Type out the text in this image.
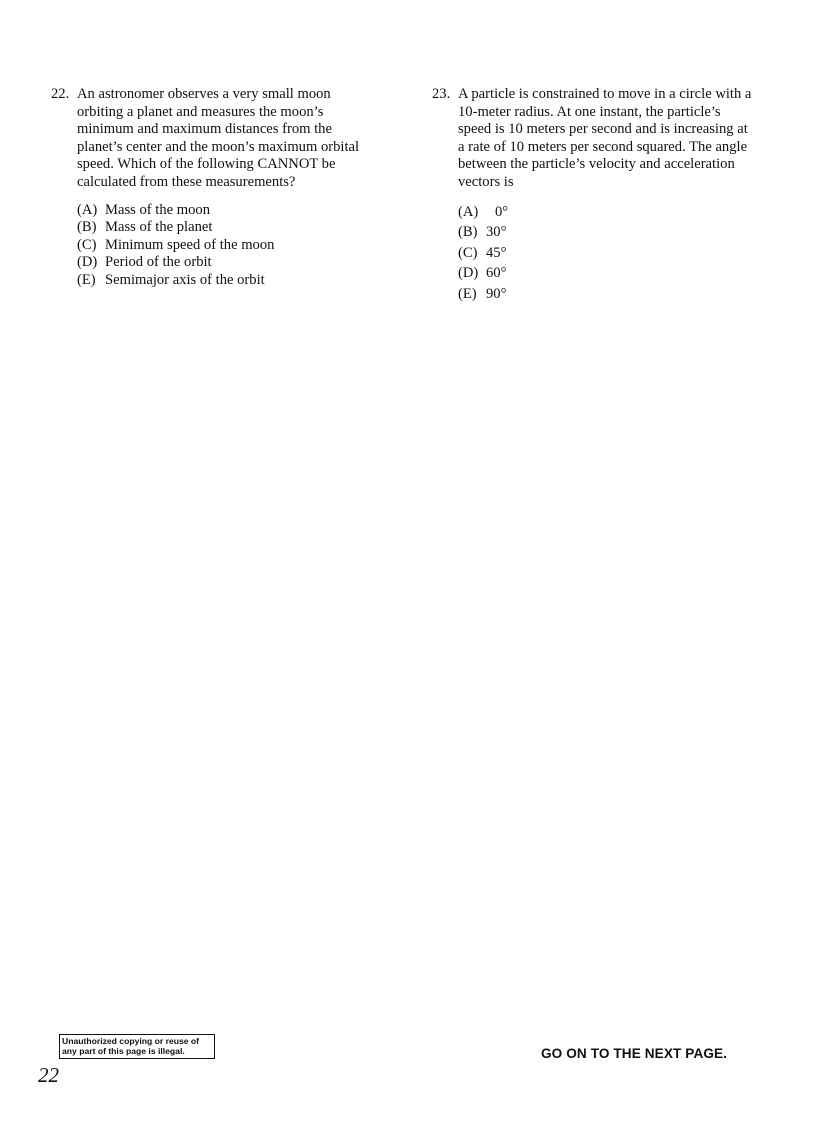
22. An astronomer observes a very small moon
orbiting a planet and measures the moon’s
minimum and maximum distances from the
planet’s center and the moon’s maximum orbital
speed. Which of the following CANNOT be
calculated from these measurements?
(A) Mass of the moon
(B) Mass of the planet
(C) Minimum speed of the moon
(D) Period of the orbit
(E) Semimajor axis of the orbit
23. A particle is constrained to move in a circle with a
10-meter radius. At one instant, the particle’s
speed is 10 meters per second and is increasing at
a rate of 10 meters per second squared. The angle
between the particle’s velocity and acceleration
vectors is
(A)	0°
(B) 30°
(C) 45°
(D) 60°
(E) 90°
Unauthorized copying or reuse of
any part of this page is illegal.	GO ON TO THE NEXT PAGE.
22
